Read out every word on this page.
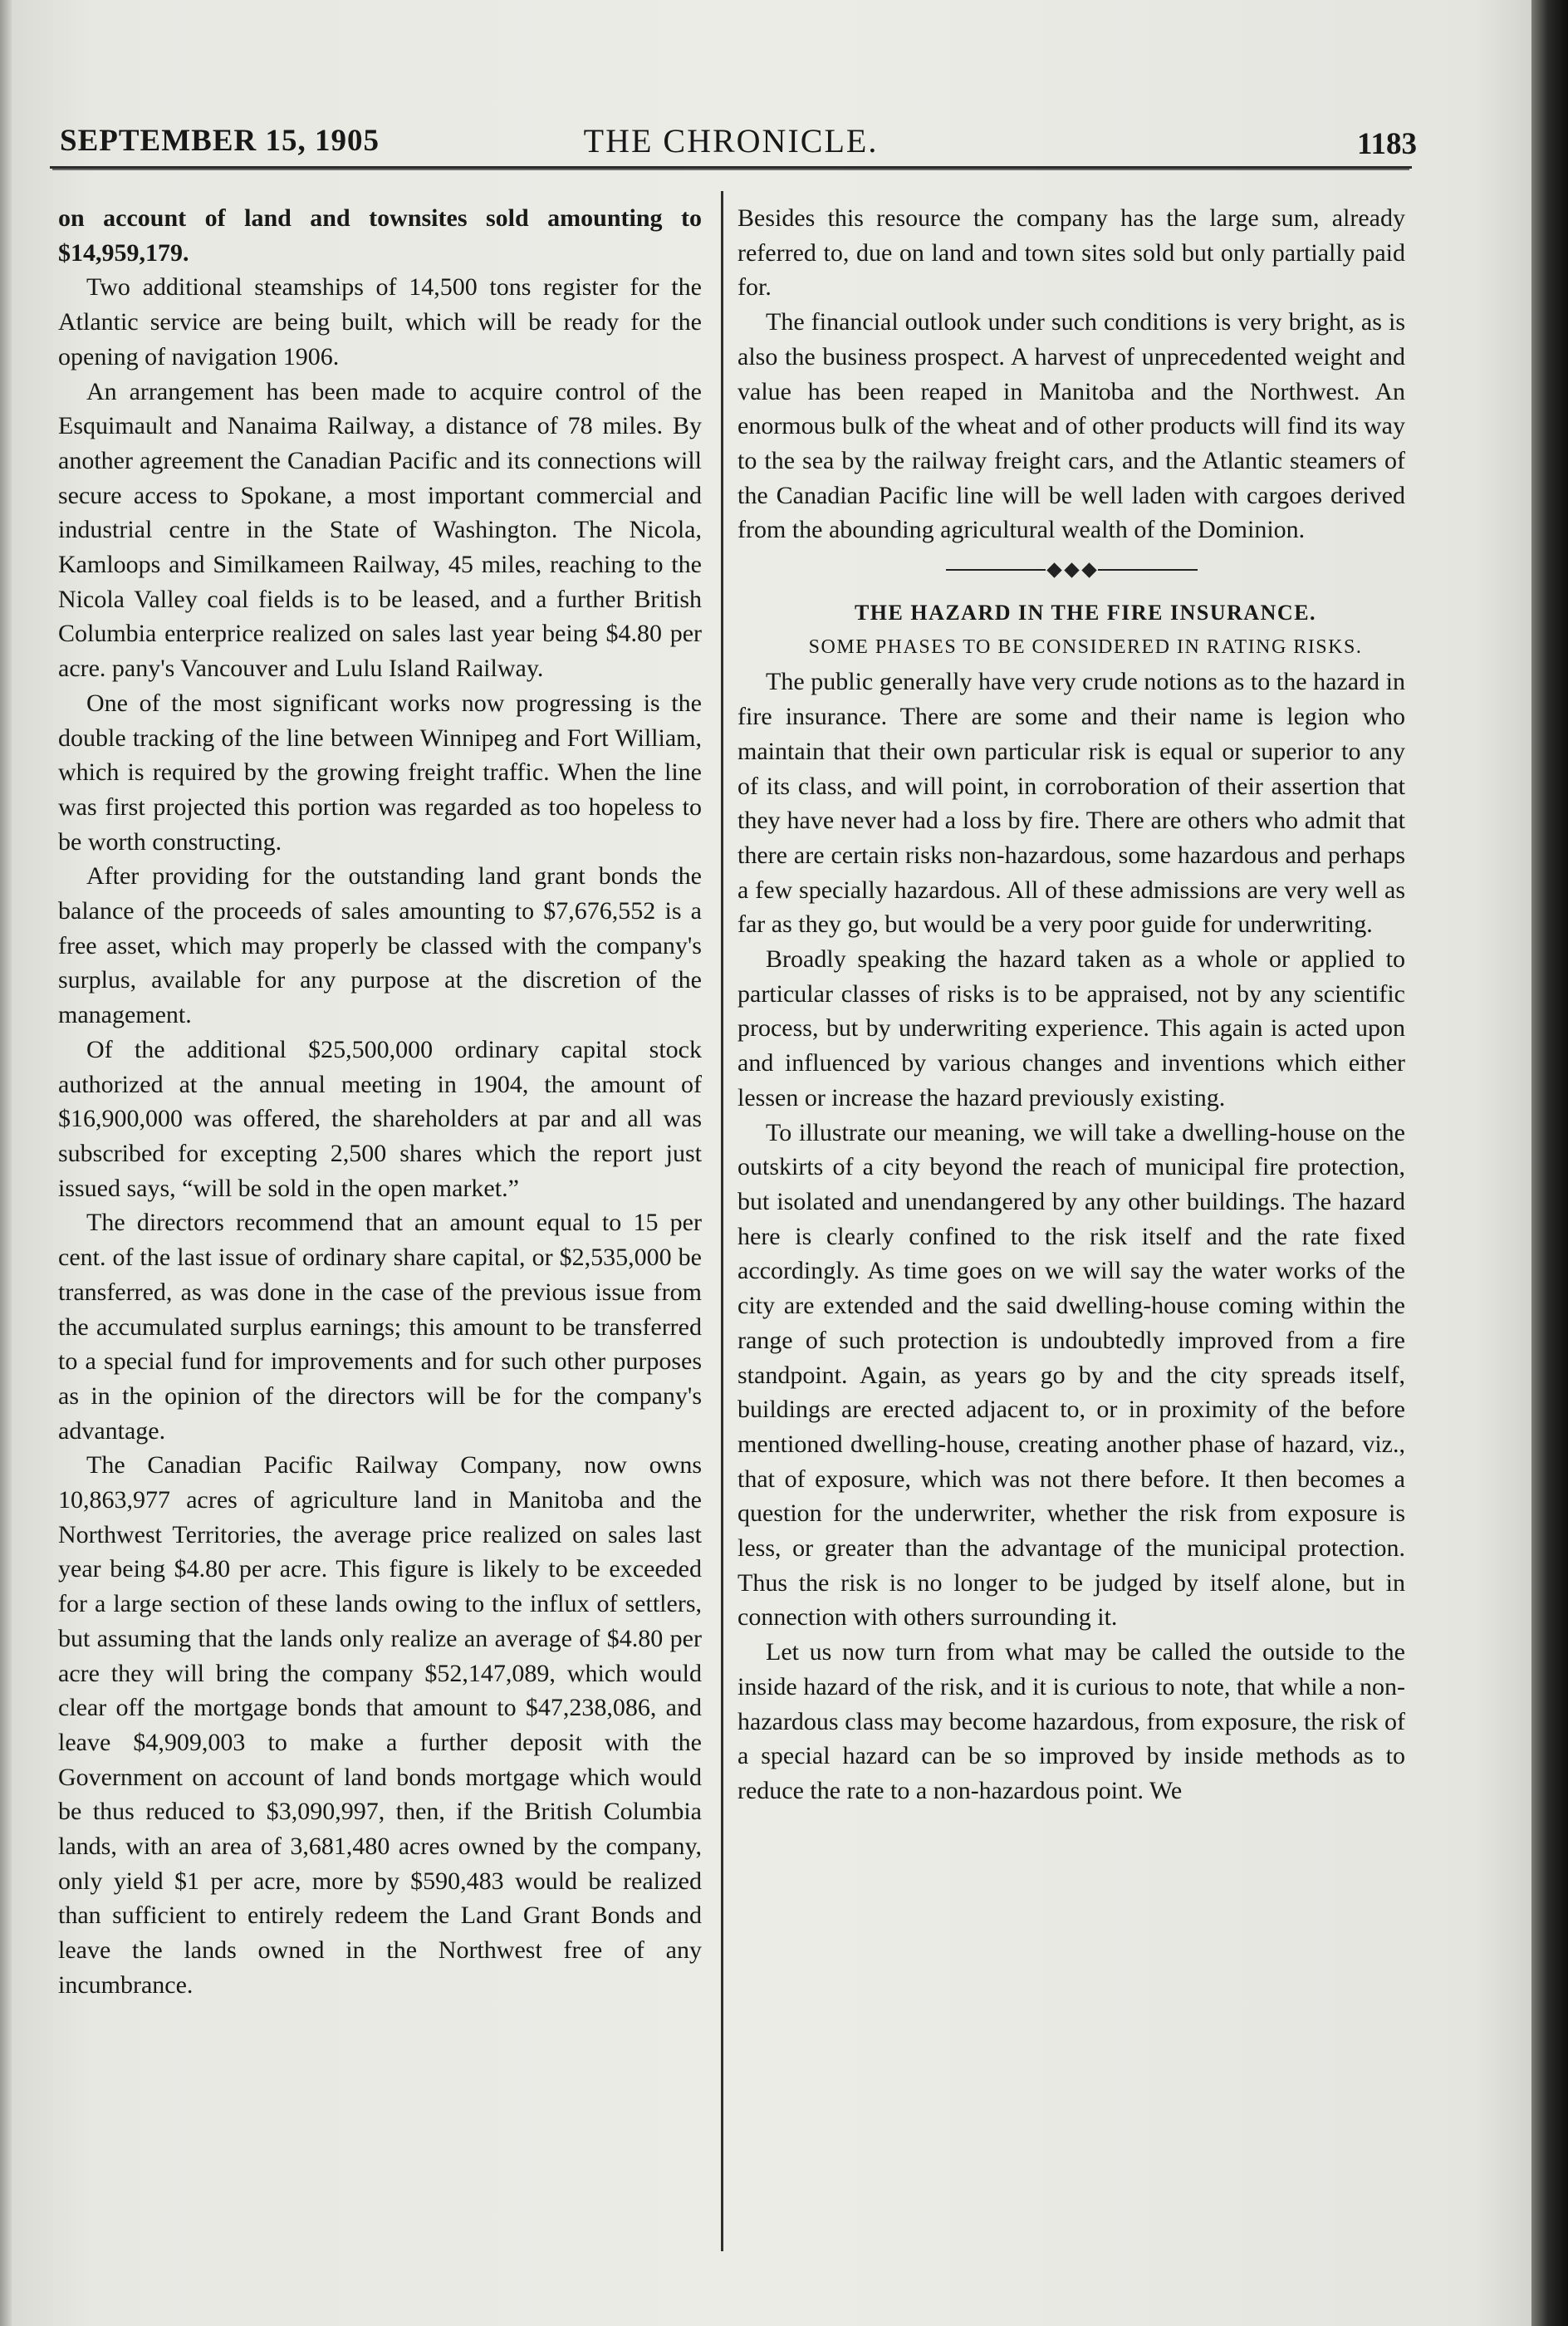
SEPTEMBER 15, 1905	THE CHRONICLE.	1183

on account of land and townsites sold amounting to $14,959,179.

Two additional steamships of 14,500 tons register for the Atlantic service are being built, which will be ready for the opening of navigation 1906.

An arrangement has been made to acquire control of the Esquimault and Nanaima Railway, a distance of 78 miles. By another agreement the Canadian Pacific and its connections will secure access to Spokane, a most important commercial and industrial centre in the State of Washington. The Nicola, Kamloops and Similkameen Railway, 45 miles, reaching to the Nicola Valley coal fields is to be leased, and a further British Columbia enterprice realized on sales last year being $4.80 per acre. pany's Vancouver and Lulu Island Railway.

One of the most significant works now progressing is the double tracking of the line between Winnipeg and Fort William, which is required by the growing freight traffic. When the line was first projected this portion was regarded as too hopeless to be worth constructing.

After providing for the outstanding land grant bonds the balance of the proceeds of sales amounting to $7,676,552 is a free asset, which may properly be classed with the company's surplus, available for any purpose at the discretion of the management.

Of the additional $25,500,000 ordinary capital stock authorized at the annual meeting in 1904, the amount of $16,900,000 was offered, the shareholders at par and all was subscribed for excepting 2,500 shares which the report just issued says, “will be sold in the open market.”

The directors recommend that an amount equal to 15 per cent. of the last issue of ordinary share capital, or $2,535,000 be transferred, as was done in the case of the previous issue from the accumulated surplus earnings; this amount to be transferred to a special fund for improvements and for such other purposes as in the opinion of the directors will be for the company's advantage.

The Canadian Pacific Railway Company, now owns 10,863,977 acres of agriculture land in Manitoba and the Northwest Territories, the average price realized on sales last year being $4.80 per acre. This figure is likely to be exceeded for a large section of these lands owing to the influx of settlers, but assuming that the lands only realize an average of $4.80 per acre they will bring the company $52,147,089, which would clear off the mortgage bonds that amount to $47,238,086, and leave $4,909,003 to make a further deposit with the Government on account of land bonds mortgage which would be thus reduced to $3,090,997, then, if the British Columbia lands, with an area of 3,681,480 acres owned by the company, only yield $1 per acre, more by $590,483 would be realized than sufficient to entirely redeem the Land Grant Bonds and leave the lands owned in the Northwest free of any incumbrance.

Besides this resource the company has the large sum, already referred to, due on land and town sites sold but only partially paid for.

The financial outlook under such conditions is very bright, as is also the business prospect. A harvest of unprecedented weight and value has been reaped in Manitoba and the Northwest. An enormous bulk of the wheat and of other products will find its way to the sea by the railway freight cars, and the Atlantic steamers of the Canadian Pacific line will be well laden with cargoes derived from the abounding agricultural wealth of the Dominion.

THE HAZARD IN THE FIRE INSURANCE.

SOME PHASES TO BE CONSIDERED IN RATING RISKS.

The public generally have very crude notions as to the hazard in fire insurance. There are some and their name is legion who maintain that their own particular risk is equal or superior to any of its class, and will point, in corroboration of their assertion that they have never had a loss by fire. There are others who admit that there are certain risks non-hazardous, some hazardous and perhaps a few specially hazardous. All of these admissions are very well as far as they go, but would be a very poor guide for underwriting.

Broadly speaking the hazard taken as a whole or applied to particular classes of risks is to be appraised, not by any scientific process, but by underwriting experience. This again is acted upon and influenced by various changes and inventions which either lessen or increase the hazard previously existing.

To illustrate our meaning, we will take a dwelling-house on the outskirts of a city beyond the reach of municipal fire protection, but isolated and unendangered by any other buildings. The hazard here is clearly confined to the risk itself and the rate fixed accordingly. As time goes on we will say the water works of the city are extended and the said dwelling-house coming within the range of such protection is undoubtedly improved from a fire standpoint. Again, as years go by and the city spreads itself, buildings are erected adjacent to, or in proximity of the before mentioned dwelling-house, creating another phase of hazard, viz., that of exposure, which was not there before. It then becomes a question for the underwriter, whether the risk from exposure is less, or greater than the advantage of the municipal protection. Thus the risk is no longer to be judged by itself alone, but in connection with others surrounding it.

Let us now turn from what may be called the outside to the inside hazard of the risk, and it is curious to note, that while a non-hazardous class may become hazardous, from exposure, the risk of a special hazard can be so improved by inside methods as to reduce the rate to a non-hazardous point. We
